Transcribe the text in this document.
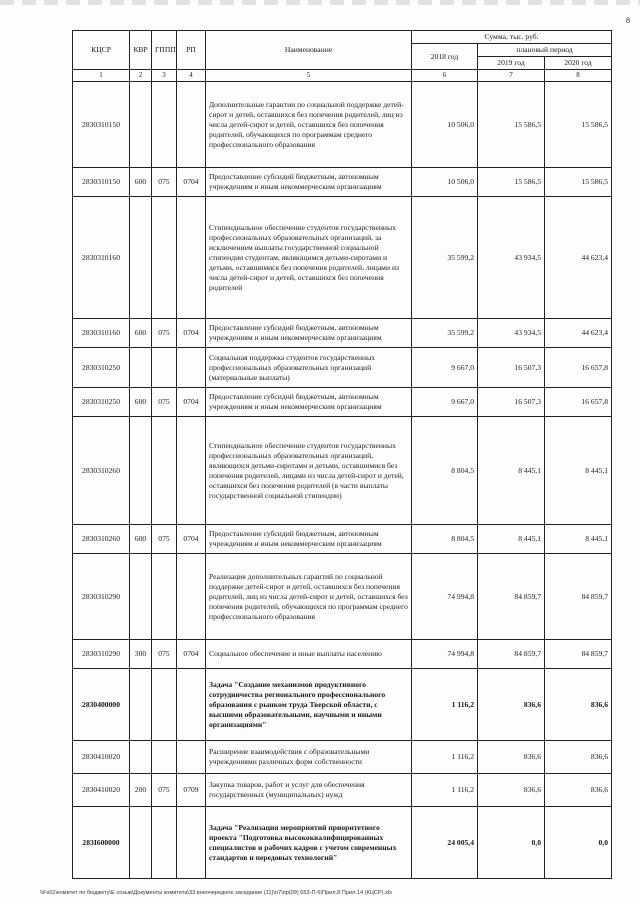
8
КЦСР	КВР	ГППП	РП	Наименование	Сумма, тыс. руб.		
					2018 год	плановый период	
						2019 год	2020 год
1	2	3	4	5	6	7	8
2830310150				Дополнительные гарантии по социальной поддержке детей-сирот и детей, оставшихся без попечения родителей, лиц из числа детей-сирот и детей, оставшихся без попечения родителей, обучающихся по программам среднего профессионального образования	10 506,0	15 586,5	15 586,5
2830310150	600	075	0704	Предоставление субсидий бюджетным, автономным учреждениям и иным некоммерческим организациям	10 506,0	15 586,5	15 586,5
2830310160				Стипендиальное обеспечение студентов государственных профессиональных образовательных организаций, за исключением выплаты государственной социальной стипендии студентам, являющимся детьми-сиротами и детьми, оставшимися без попечения родителей, лицами из числа детей-сирот и детей, оставшихся без попечения родителей	35 599,2	43 934,5	44 623,4
2830310160	600	075	0704	Предоставление субсидий бюджетным, автономным учреждениям и иным некоммерческим организациям	35 599,2	43 934,5	44 623,4
2830310250				Социальная поддержка студентов государственных профессиональных образовательных организаций (материальные выплаты)	9 667,0	16 507,3	16 657,8
2830310250	600	075	0704	Предоставление субсидий бюджетным, автономным учреждениям и иным некоммерческим организациям	9 667,0	16 507,3	16 657,8
2830310260				Стипендиальное обеспечение студентов государственных профессиональных образовательных организаций, являющихся детьми-сиротами и детьми, оставшимися без попечения родителей, лицами из числа детей-сирот и детей, оставшихся без попечения родителей (в части выплаты государственной социальной стипендии)	8 804,5	8 445,1	8 445,1
2830310260	600	075	0704	Предоставление субсидий бюджетным, автономным учреждениям и иным некоммерческим организациям	8 804,5	8 445,1	8 445,1
2830310290				Реализация дополнительных гарантий по социальной поддержке детей-сирот и детей, оставшихся без попечения родителей, лиц из числа детей-сирот и детей, оставшихся без попечения родителей, обучающихся по программам среднего профессионального образования	74 994,8	84 859,7	84 859,7
2830310290	300	075	0704	Социальное обеспечение и иные выплаты населению	74 994,8	84 859,7	84 859,7
2830400000				Задача "Создание механизмов продуктивного сотрудничества регионального профессионального образования с рынком труда Тверской области, с высшими образовательными, научными и иными организациями"	1 116,2	836,6	836,6
2830410020				Расширение взаимодействия с образовательными учреждениями различных форм собственности	1 116,2	836,6	836,6
2830410020	200	075	0709	Закупка товаров, работ и услуг для обеспечения государственных (муниципальных) нужд	1 116,2	836,6	836,6
283I600000				Задача "Реализация мероприятий приоритетного проекта "Подготовка высококвалифицированных специалистов и рабочих кадров с учетом современных стандартов и передовых технологий"	24 005,4	0,0	0,0
\\Fs01\комитет по бюджету\Е созыв\Документы комитета\33 внеочередное заседание (11)\п7\пр(09) 653-П-6\Прил.8 Прил.14 (КЦСР).xls
